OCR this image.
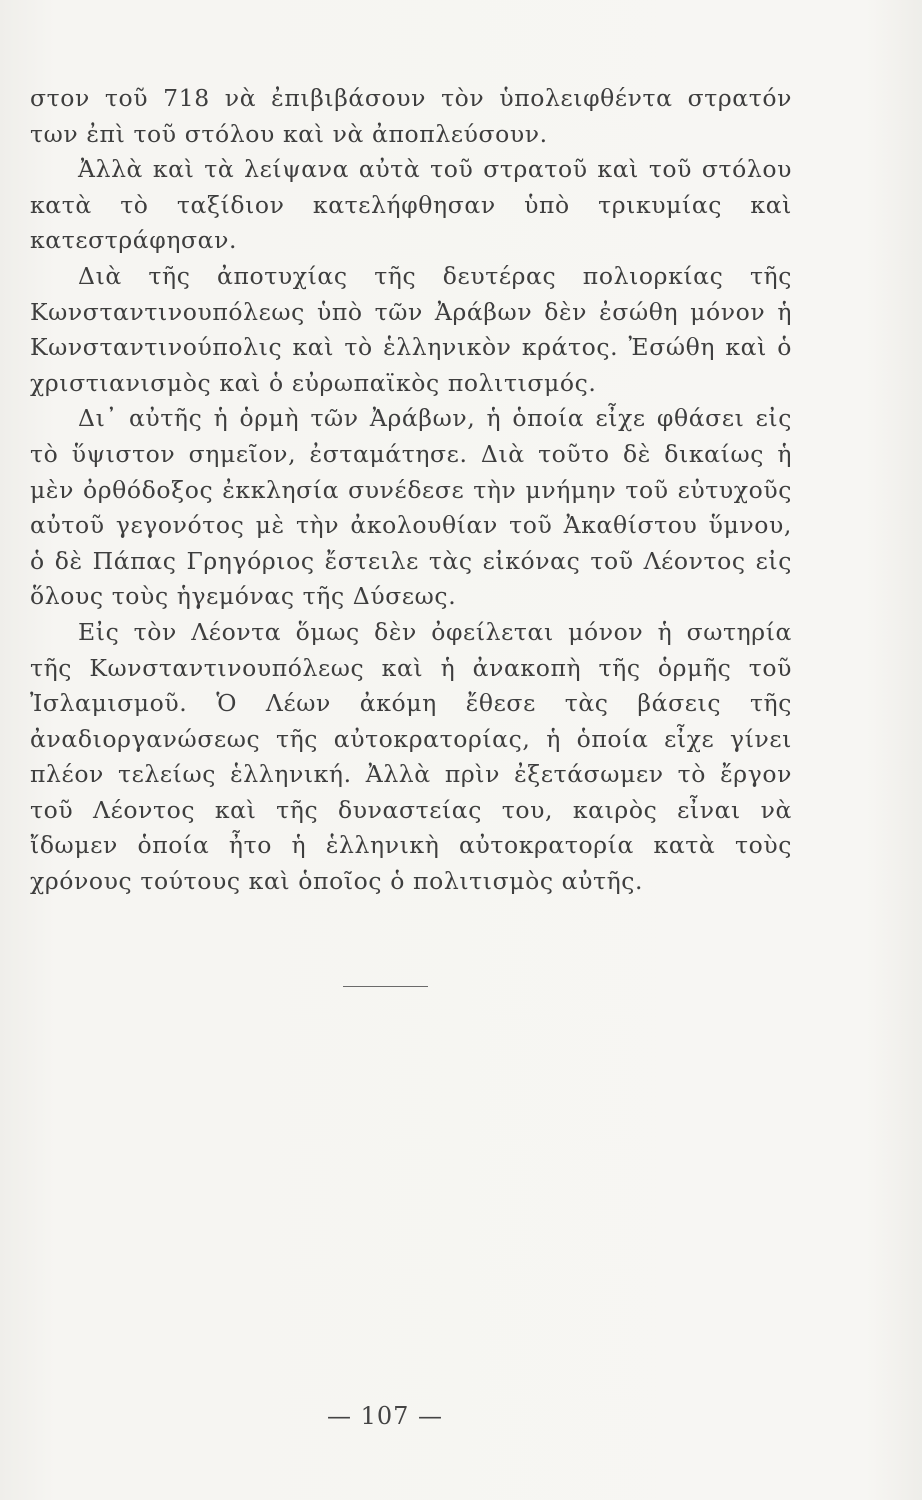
στον τοῦ 718 νὰ ἐπιβιβάσουν τὸν ὑπολειφθέντα στρατόν των ἐπὶ τοῦ στόλου καὶ νὰ ἀποπλεύσουν.

Ἀλλὰ καὶ τὰ λείψανα αὐτὰ τοῦ στρατοῦ καὶ τοῦ στόλου κατὰ τὸ ταξίδιον κατελήφθησαν ὑπὸ τρικυμίας καὶ κατεστράφησαν.

Διὰ τῆς ἀποτυχίας τῆς δευτέρας πολιορκίας τῆς Κωνσταντινουπόλεως ὑπὸ τῶν Ἀράβων δὲν ἐσώθη μόνον ἡ Κωνσταντινούπολις καὶ τὸ ἑλληνικὸν κράτος. Ἐσώθη καὶ ὁ χριστιανισμὸς καὶ ὁ εὐρωπαϊκὸς πολιτισμός.

Δι᾽ αὐτῆς ἡ ὁρμὴ τῶν Ἀράβων, ἡ ὁποία εἶχε φθάσει εἰς τὸ ὕψιστον σημεῖον, ἐσταμάτησε. Διὰ τοῦτο δὲ δικαίως ἡ μὲν ὀρθόδοξος ἐκκλησία συνέδεσε τὴν μνήμην τοῦ εὐτυχοῦς αὐτοῦ γεγονότος μὲ τὴν ἀκολουθίαν τοῦ Ἀκαθίστου ὕμνου, ὁ δὲ Πάπας Γρηγόριος ἔστειλε τὰς εἰκόνας τοῦ Λέοντος εἰς ὅλους τοὺς ἡγεμόνας τῆς Δύσεως.

Εἰς τὸν Λέοντα ὅμως δὲν ὀφείλεται μόνον ἡ σωτηρία τῆς Κωνσταντινουπόλεως καὶ ἡ ἀνακοπὴ τῆς ὁρμῆς τοῦ Ἰσλαμισμοῦ. Ὁ Λέων ἀκόμη ἔθεσε τὰς βάσεις τῆς ἀναδιοργανώσεως τῆς αὐτοκρατορίας, ἡ ὁποία εἶχε γίνει πλέον τελείως ἑλληνική. Ἀλλὰ πρὶν ἐξετάσωμεν τὸ ἔργον τοῦ Λέοντος καὶ τῆς δυναστείας του, καιρὸς εἶναι νὰ ἴδωμεν ὁποία ἦτο ἡ ἑλληνικὴ αὐτοκρατορία κατὰ τοὺς χρόνους τούτους καὶ ὁποῖος ὁ πολιτισμὸς αὐτῆς.

— 107 —
